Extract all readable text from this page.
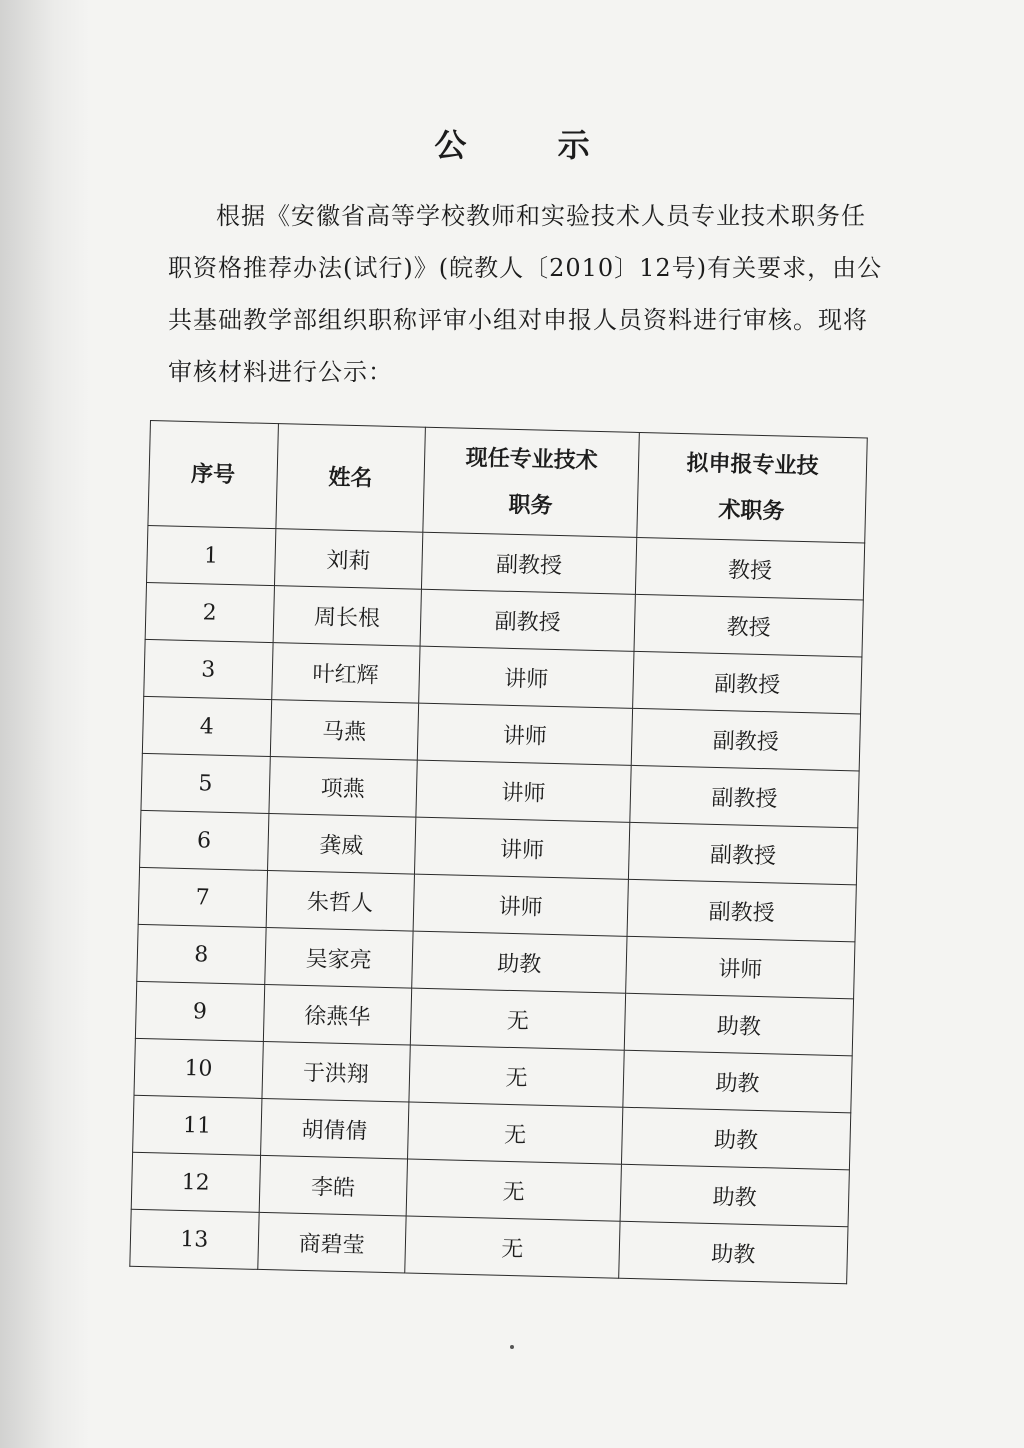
公 示
根据《安徽省高等学校教师和实验技术人员专业技术职务任职资格推荐办法(试行)》(皖教人〔2010〕12号)有关要求，由公共基础教学部组织职称评审小组对申报人员资料进行审核。现将审核材料进行公示：
序号	姓名	现任专业技术职务	拟申报专业技术职务
1	刘莉	副教授	教授
2	周长根	副教授	教授
3	叶红辉	讲师	副教授
4	马燕	讲师	副教授
5	项燕	讲师	副教授
6	龚威	讲师	副教授
7	朱哲人	讲师	副教授
8	吴家亮	助教	讲师
9	徐燕华	无	助教
10	于洪翔	无	助教
11	胡倩倩	无	助教
12	李皓	无	助教
13	商碧莹	无	助教
